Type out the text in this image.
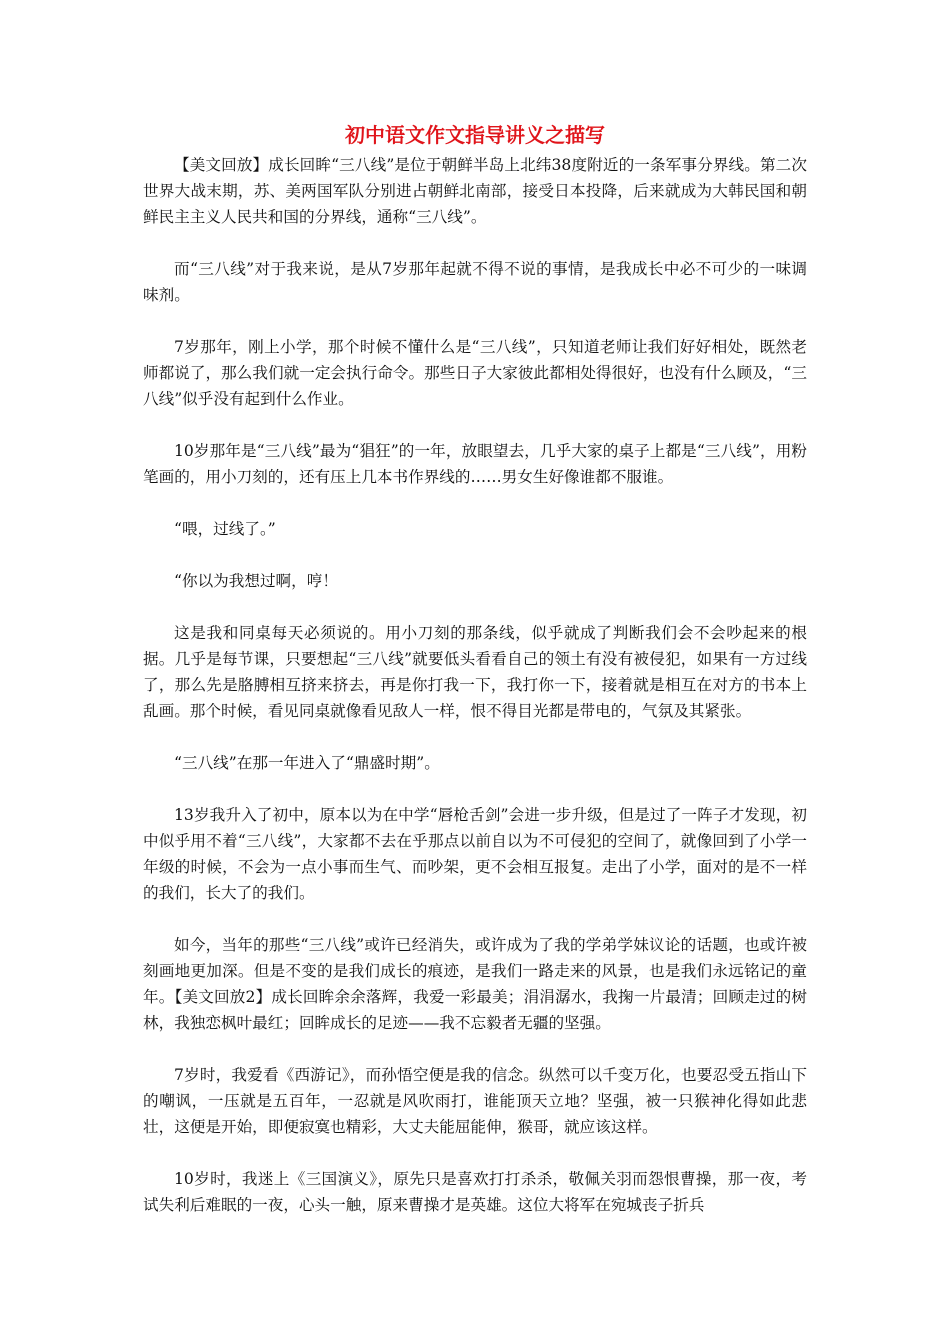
初中语文作文指导讲义之描写

【美文回放】成长回眸“三八线”是位于朝鲜半岛上北纬38度附近的一条军事分界线。第二次世界大战末期，苏、美两国军队分别进占朝鲜北南部，接受日本投降，后来就成为大韩民国和朝鲜民主主义人民共和国的分界线，通称“三八线”。

而“三八线”对于我来说，是从7岁那年起就不得不说的事情，是我成长中必不可少的一味调味剂。

7岁那年，刚上小学，那个时候不懂什么是“三八线”，只知道老师让我们好好相处，既然老师都说了，那么我们就一定会执行命令。那些日子大家彼此都相处得很好，也没有什么顾及，“三八线”似乎没有起到什么作业。

10岁那年是“三八线”最为“猖狂”的一年，放眼望去，几乎大家的桌子上都是“三八线”，用粉笔画的，用小刀刻的，还有压上几本书作界线的……男女生好像谁都不服谁。

“喂，过线了。”

“你以为我想过啊，哼！

这是我和同桌每天必须说的。用小刀刻的那条线，似乎就成了判断我们会不会吵起来的根据。几乎是每节课，只要想起“三八线”就要低头看看自己的领土有没有被侵犯，如果有一方过线了，那么先是胳膊相互挤来挤去，再是你打我一下，我打你一下，接着就是相互在对方的书本上乱画。那个时候，看见同桌就像看见敌人一样，恨不得目光都是带电的，气氛及其紧张。

“三八线”在那一年进入了“鼎盛时期”。

13岁我升入了初中，原本以为在中学“唇枪舌剑”会进一步升级，但是过了一阵子才发现，初中似乎用不着“三八线”，大家都不去在乎那点以前自以为不可侵犯的空间了，就像回到了小学一年级的时候，不会为一点小事而生气、而吵架，更不会相互报复。走出了小学，面对的是不一样的我们，长大了的我们。

如今，当年的那些“三八线”或许已经消失，或许成为了我的学弟学妹议论的话题，也或许被刻画地更加深。但是不变的是我们成长的痕迹，是我们一路走来的风景，也是我们永远铭记的童年。【美文回放2】成长回眸余余落辉，我爱一彩最美；涓涓潺水，我掬一片最清；回顾走过的树林，我独恋枫叶最红；回眸成长的足迹——我不忘毅者无疆的坚强。

7岁时，我爱看《西游记》，而孙悟空便是我的信念。纵然可以千变万化，也要忍受五指山下的嘲讽，一压就是五百年，一忍就是风吹雨打，谁能顶天立地？坚强，被一只猴神化得如此悲壮，这便是开始，即便寂寞也精彩，大丈夫能屈能伸，猴哥，就应该这样。

10岁时，我迷上《三国演义》，原先只是喜欢打打杀杀，敬佩关羽而怨恨曹操，那一夜，考试失利后难眠的一夜，心头一触，原来曹操才是英雄。这位大将军在宛城丧子折兵
